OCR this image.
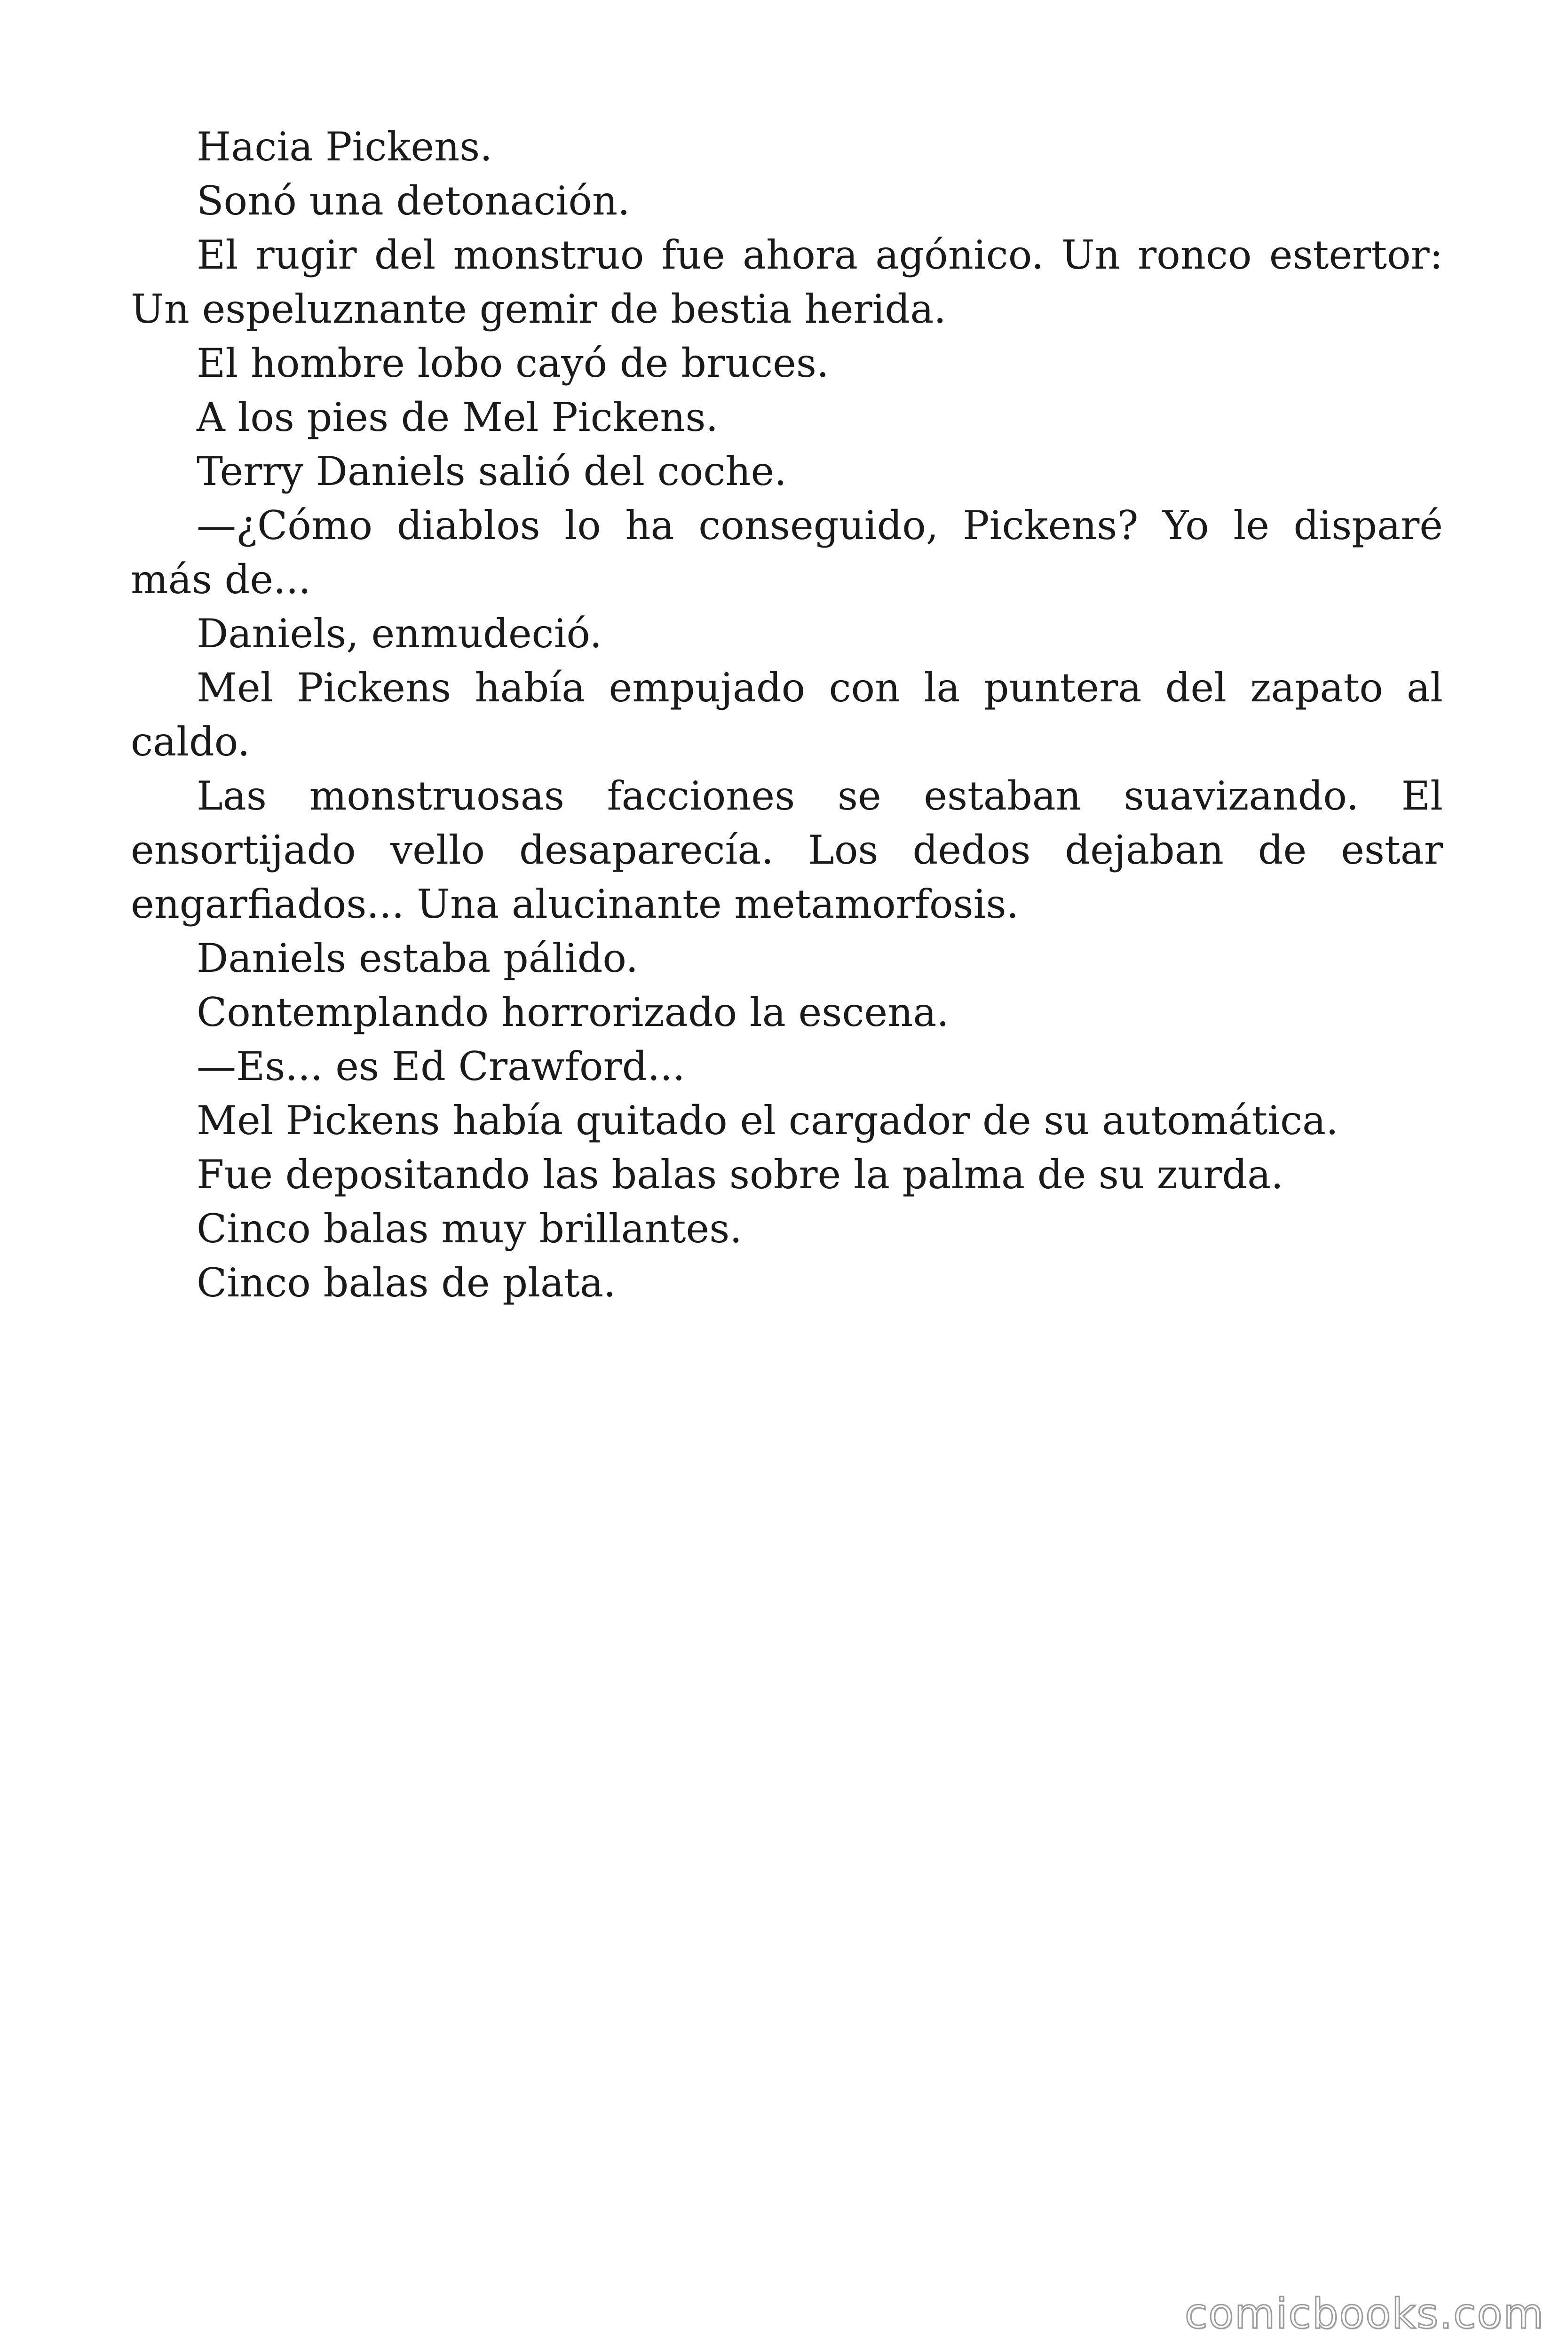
Hacia Pickens.

Sonó una detonación.

El rugir del monstruo fue ahora agónico. Un ronco estertor: Un espeluznante gemir de bestia herida.

El hombre lobo cayó de bruces.

A los pies de Mel Pickens.

Terry Daniels salió del coche.

—¿Cómo diablos lo ha conseguido, Pickens? Yo le disparé más de...

Daniels, enmudeció.

Mel Pickens había empujado con la puntera del zapato al caldo.

Las monstruosas facciones se estaban suavizando. El ensortijado vello desaparecía. Los dedos dejaban de estar engarfiados... Una alucinante metamorfosis.

Daniels estaba pálido.

Contemplando horrorizado la escena.

—Es... es Ed Crawford...

Mel Pickens había quitado el cargador de su automática.

Fue depositando las balas sobre la palma de su zurda.

Cinco balas muy brillantes.

Cinco balas de plata.

comicbooks.com
